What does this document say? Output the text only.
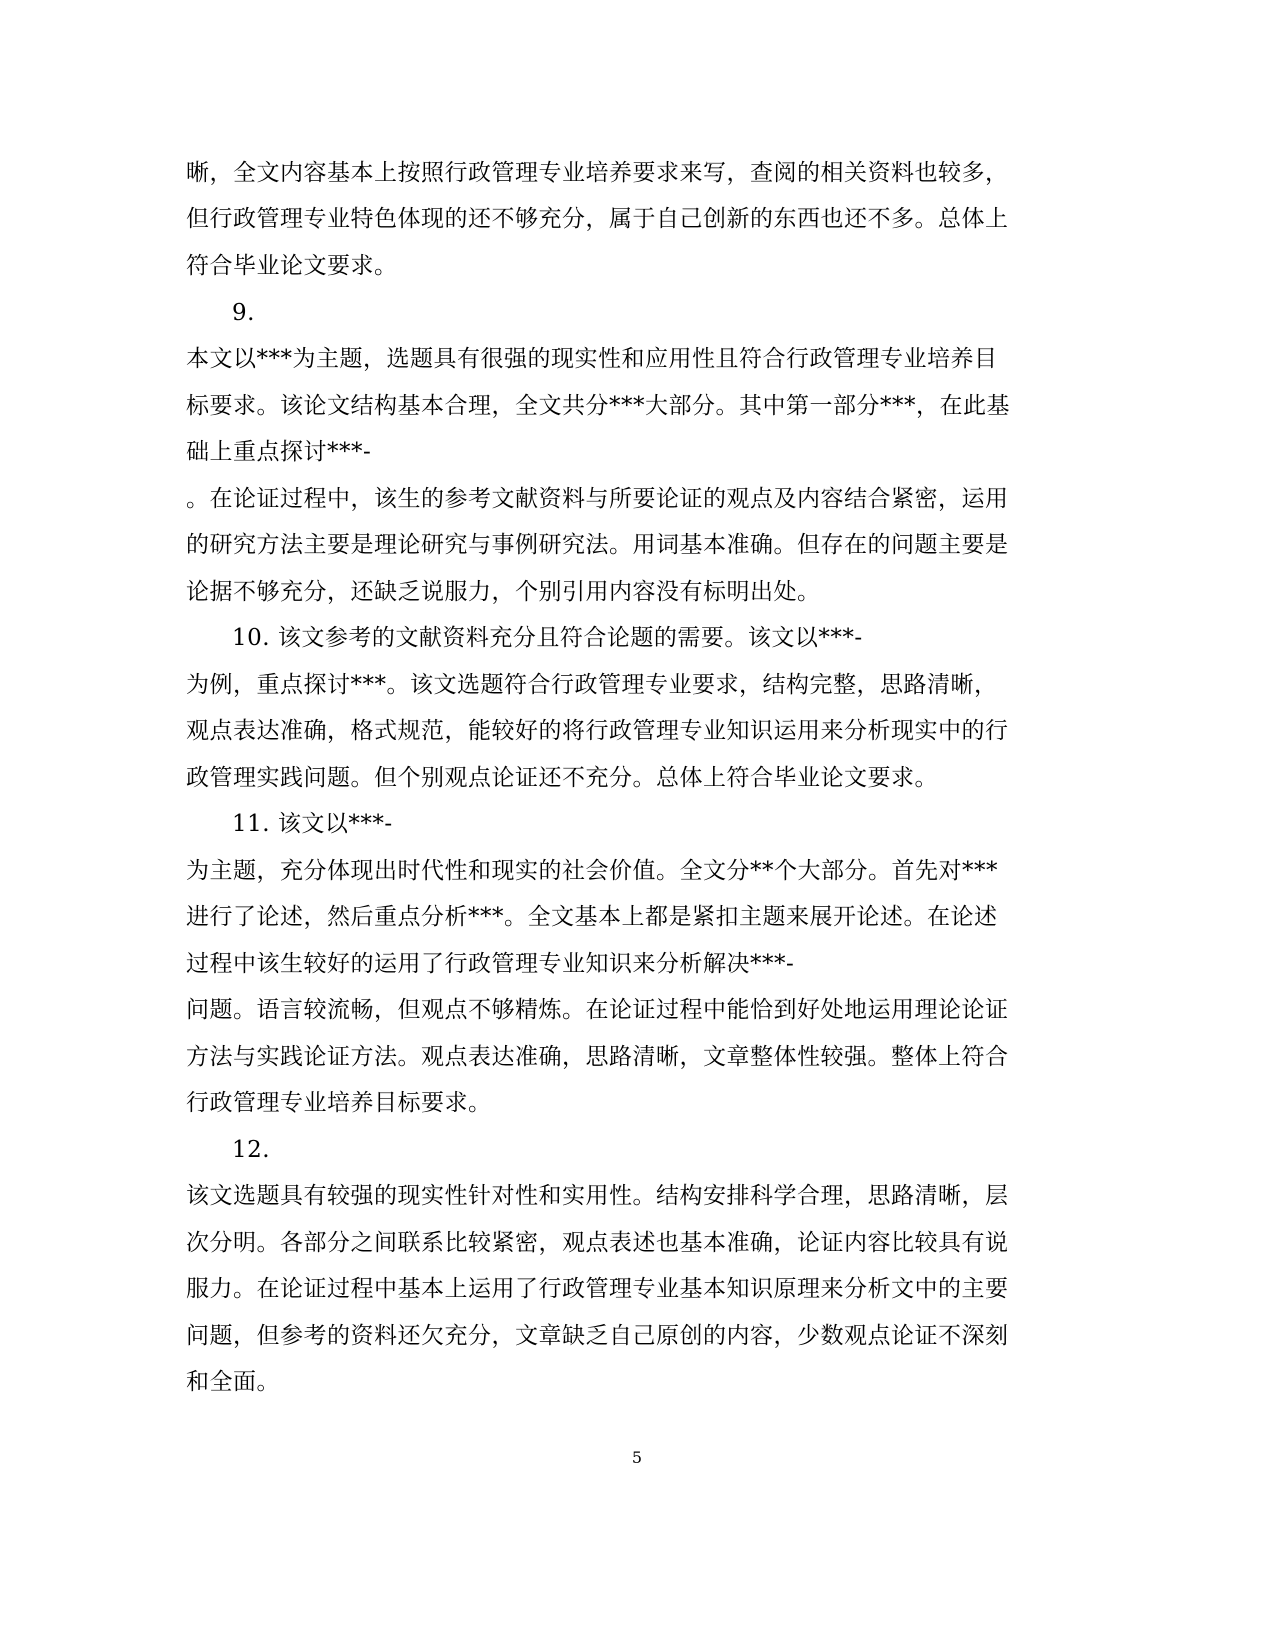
晰，全文内容基本上按照行政管理专业培养要求来写，查阅的相关资料也较多，

但行政管理专业特色体现的还不够充分，属于自己创新的东西也还不多。总体上

符合毕业论文要求。

9.

本文以***为主题，选题具有很强的现实性和应用性且符合行政管理专业培养目

标要求。该论文结构基本合理，全文共分***大部分。其中第一部分***，在此基

础上重点探讨***-

。在论证过程中，该生的参考文献资料与所要论证的观点及内容结合紧密，运用

的研究方法主要是理论研究与事例研究法。用词基本准确。但存在的问题主要是

论据不够充分，还缺乏说服力，个别引用内容没有标明出处。

10. 该文参考的文献资料充分且符合论题的需要。该文以***-

为例，重点探讨***。该文选题符合行政管理专业要求，结构完整，思路清晰，

观点表达准确，格式规范，能较好的将行政管理专业知识运用来分析现实中的行

政管理实践问题。但个别观点论证还不充分。总体上符合毕业论文要求。

11. 该文以***-

为主题，充分体现出时代性和现实的社会价值。全文分**个大部分。首先对***

进行了论述，然后重点分析***。全文基本上都是紧扣主题来展开论述。在论述

过程中该生较好的运用了行政管理专业知识来分析解决***-

问题。语言较流畅，但观点不够精炼。在论证过程中能恰到好处地运用理论论证

方法与实践论证方法。观点表达准确，思路清晰，文章整体性较强。整体上符合

行政管理专业培养目标要求。

12.

该文选题具有较强的现实性针对性和实用性。结构安排科学合理，思路清晰，层

次分明。各部分之间联系比较紧密，观点表述也基本准确，论证内容比较具有说

服力。在论证过程中基本上运用了行政管理专业基本知识原理来分析文中的主要

问题，但参考的资料还欠充分，文章缺乏自己原创的内容，少数观点论证不深刻

和全面。

5
